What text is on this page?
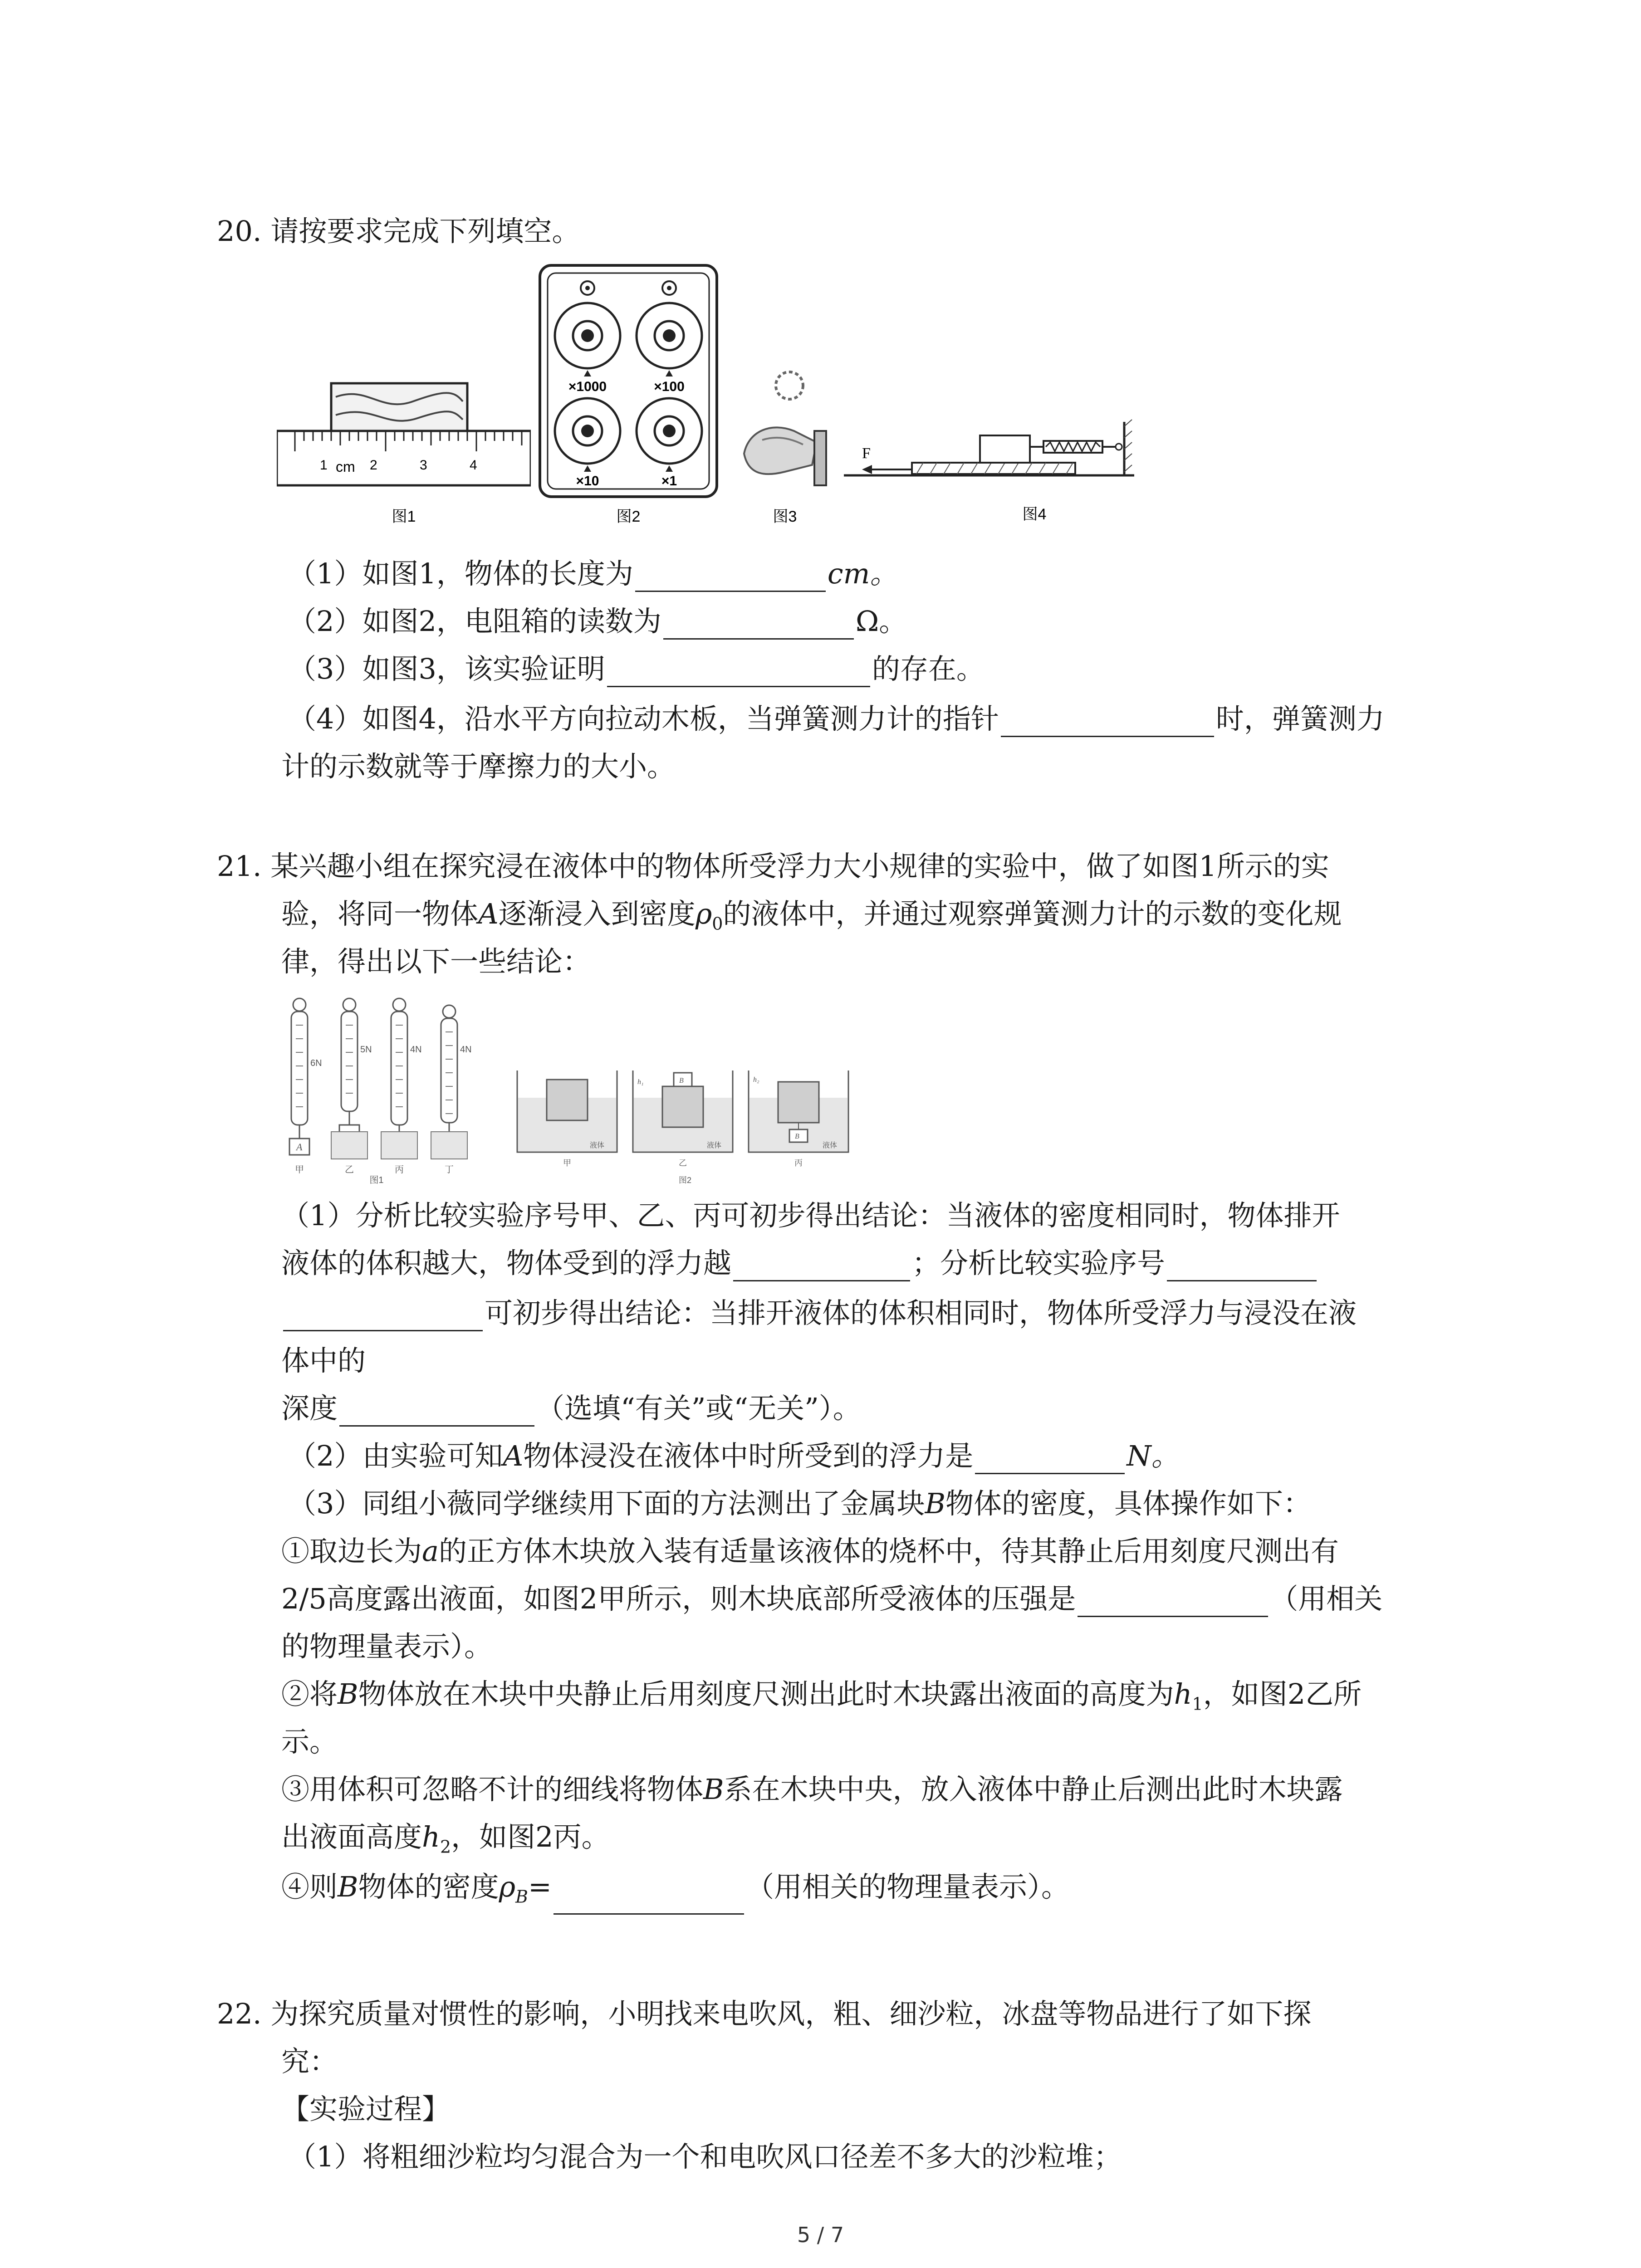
20. 请按要求完成下列填空。
cm
1	2	3	4
图1
×1000	×100
×10	×1
图2	图3
F
图4
（1）如图1，物体的长度为	cm。
（2）如图2，电阻箱的读数为	Ω。
（3）如图3，该实验证明	的存在。
（4）如图4，沿水平方向拉动木板，当弹簧测力计的指针	时，弹簧测力
计的示数就等于摩擦力的大小。
21. 某兴趣小组在探究浸在液体中的物体所受浮力大小规律的实验中，做了如图1所示的实
验，将同一物体A逐渐浸入到密度$\rho_0$的液体中，并通过观察弹簧测力计的示数的变化规
律，得出以下一些结论：
6N
5N	4N	4N
A
甲	乙	丙	丁
图1
液体
甲
B
h₁
液体
乙
B
h₂
液体
丙
图2
（1）分析比较实验序号甲、乙、丙可初步得出结论：当液体的密度相同时，物体排开
液体的体积越大，物体受到的浮力越	；分析比较实验序号
可初步得出结论：当排开液体的体积相同时，物体所受浮力与浸没在液
体中的
深度	（选填“有关”或“无关”）。
（2）由实验可知A物体浸没在液体中时所受到的浮力是	N。
（3）同组小薇同学继续用下面的方法测出了金属块B物体的密度，具体操作如下：
①取边长为a的正方体木块放入装有适量该液体的烧杯中，待其静止后用刻度尺测出有
2/5高度露出液面，如图2甲所示，则木块底部所受液体的压强是	（用相关
的物理量表示）。
②将B物体放在木块中央静止后用刻度尺测出此时木块露出液面的高度为$h_1$，如图2乙所
示。
③用体积可忽略不计的细线将物体B系在木块中央，放入液体中静止后测出此时木块露
出液面高度$h_2$，如图2丙。
④则B物体的密度$\rho_B=$	（用相关的物理量表示）。
22. 为探究质量对惯性的影响，小明找来电吹风，粗、细沙粒，冰盘等物品进行了如下探
究：
【实验过程】
（1）将粗细沙粒均匀混合为一个和电吹风口径差不多大的沙粒堆；
5 / 7
